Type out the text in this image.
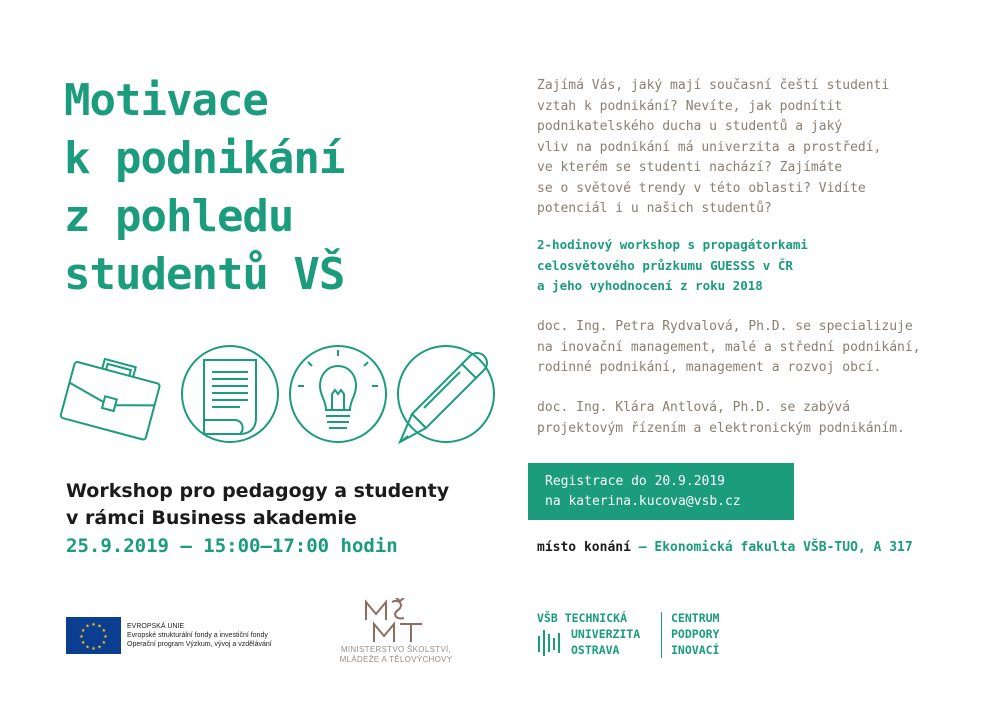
Motivace
k podnikání
z pohledu
studentů VŠ
Workshop pro pedagogy a studenty
v rámci Business akademie
25.9.2019 – 15:00–17:00 hodin
Zajímá Vás, jaký mají současní čeští studenti
vztah k podnikání? Nevíte, jak podnítit
podnikatelského ducha u studentů a jaký
vliv na podnikání má univerzita a prostředí,
ve kterém se studenti nachází? Zajímáte
se o světové trendy v této oblasti? Vidíte
potenciál i u našich studentů?
2-hodinový workshop s propagátorkami
celosvětového průzkumu GUESSS v ČR
a jeho vyhodnocení z roku 2018
doc. Ing. Petra Rydvalová, Ph.D. se specializuje
na inovační management, malé a střední podnikání,
rodinné podnikání, management a rozvoj obcí.
doc. Ing. Klára Antlová, Ph.D. se zabývá
projektovým řízením a elektronickým podnikáním.
Registrace do 20.9.2019
na katerina.kucova@vsb.cz
místo konání – Ekonomická fakulta VŠB-TUO, A 317
★ ★
★
★
★
★
★
★
★
★
★
★	EVROPSKÁ UNIE
Evropské strukturální fondy a investiční fondy
Operační program Výzkum, vývoj a vzdělávání
MINISTERSTVO ŠKOLSTVÍ,
MLÁDEŽE A TĚLOVÝCHOVY
VŠB TECHNICKÁ
UNIVERZITA
OSTRAVA
CENTRUM
PODPORY
INOVACÍ
